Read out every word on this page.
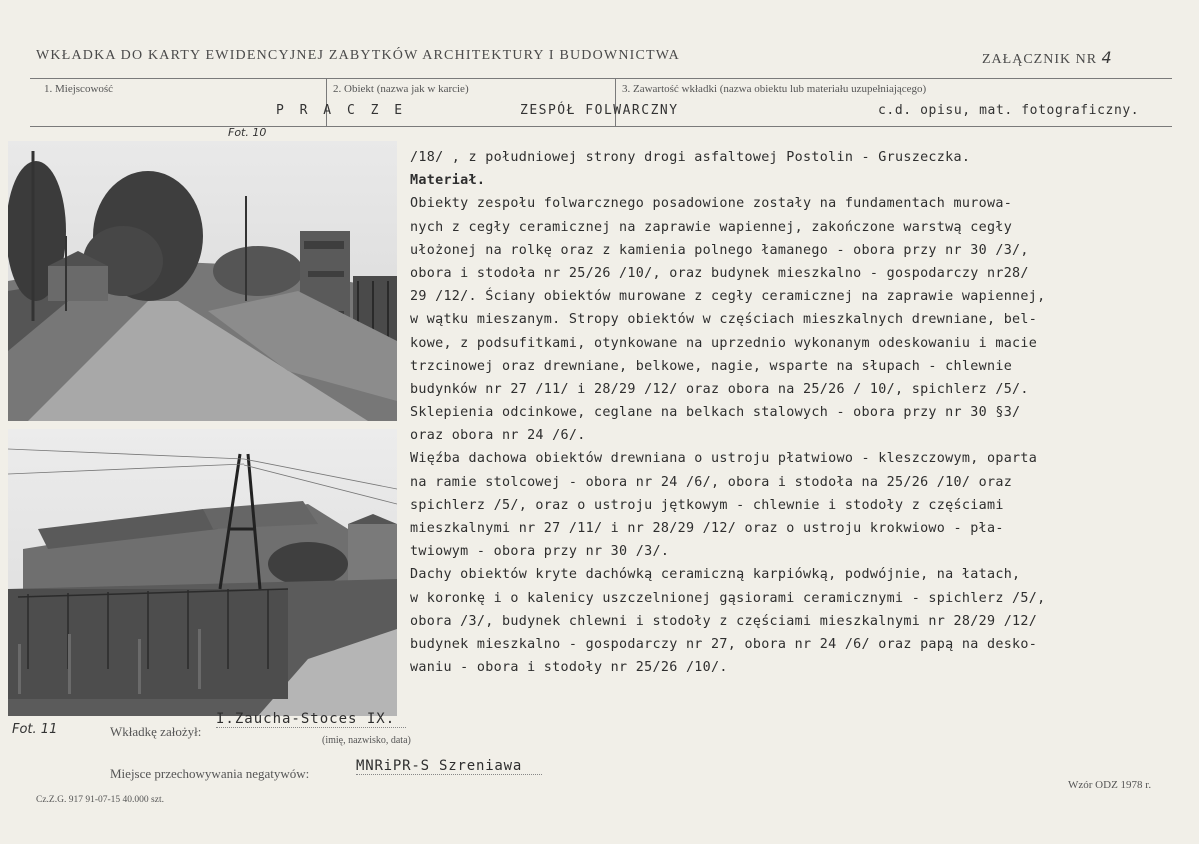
WKŁADKA DO KARTY EWIDENCYJNEJ ZABYTKÓW ARCHITEKTURY I BUDOWNICTWA	ZAŁĄCZNIK NR 4
1. Miejscowość	2. Obiekt (nazwa jak w karcie)	3. Zawartość wkładki (nazwa obiektu lub materiału uzupełniającego)
P R A C Z E	ZESPÓŁ FOLWARCZNY	c.d. opisu, mat. fotograficzny.
Fot. 10
Fot. 11
/18/ , z południowej strony drogi asfaltowej Postolin - Gruszeczka.
Materiał.
Obiekty zespołu folwarcznego posadowione zostały na fundamentach murowa-
nych z cegły ceramicznej na zaprawie wapiennej, zakończone warstwą cegły
ułożonej na rolkę oraz z kamienia polnego łamanego - obora przy nr 30 /3/,
obora i stodoła nr 25/26 /10/, oraz budynek mieszkalno - gospodarczy nr28/
29 /12/. Ściany obiektów murowane z cegły ceramicznej na zaprawie wapiennej,
w wątku mieszanym. Stropy obiektów w częściach mieszkalnych drewniane, bel-
kowe, z podsufitkami, otynkowane na uprzednio wykonanym odeskowaniu i macie
trzcinowej oraz drewniane, belkowe, nagie, wsparte na słupach - chlewnie
budynków nr 27 /11/ i 28/29 /12/ oraz obora na 25/26 / 10/, spichlerz /5/.
Sklepienia odcinkowe, ceglane na belkach stalowych - obora przy nr 30 §3/
oraz obora nr 24 /6/.
Więźba dachowa obiektów drewniana o ustroju płatwiowo - kleszczowym, oparta
na ramie stolcowej - obora nr 24 /6/, obora i stodoła na 25/26 /10/ oraz
spichlerz /5/, oraz o ustroju jętkowym - chlewnie i stodoły z częściami
mieszkalnymi nr 27 /11/ i nr 28/29 /12/ oraz o ustroju krokwiowo - pła-
twiowym - obora przy nr 30 /3/.
Dachy obiektów kryte dachówką ceramiczną karpiówką, podwójnie, na łatach,
w koronkę i o kalenicy uszczelnionej gąsiorami ceramicznymi - spichlerz /5/,
obora /3/, budynek chlewni i stodoły z częściami mieszkalnymi nr 28/29 /12/
budynek mieszkalno - gospodarczy nr 27, obora nr 24 /6/ oraz papą na desko-
waniu - obora i stodoły nr 25/26 /10/.
Wkładkę założył:
I.Zaucha-Stoces IX.
(imię, nazwisko, data)
Miejsce przechowywania negatywów:	MNRiPR-S Szreniawa
Cz.Z.G. 917 91-07-15 40.000 szt.
Wzór ODZ 1978 r.
